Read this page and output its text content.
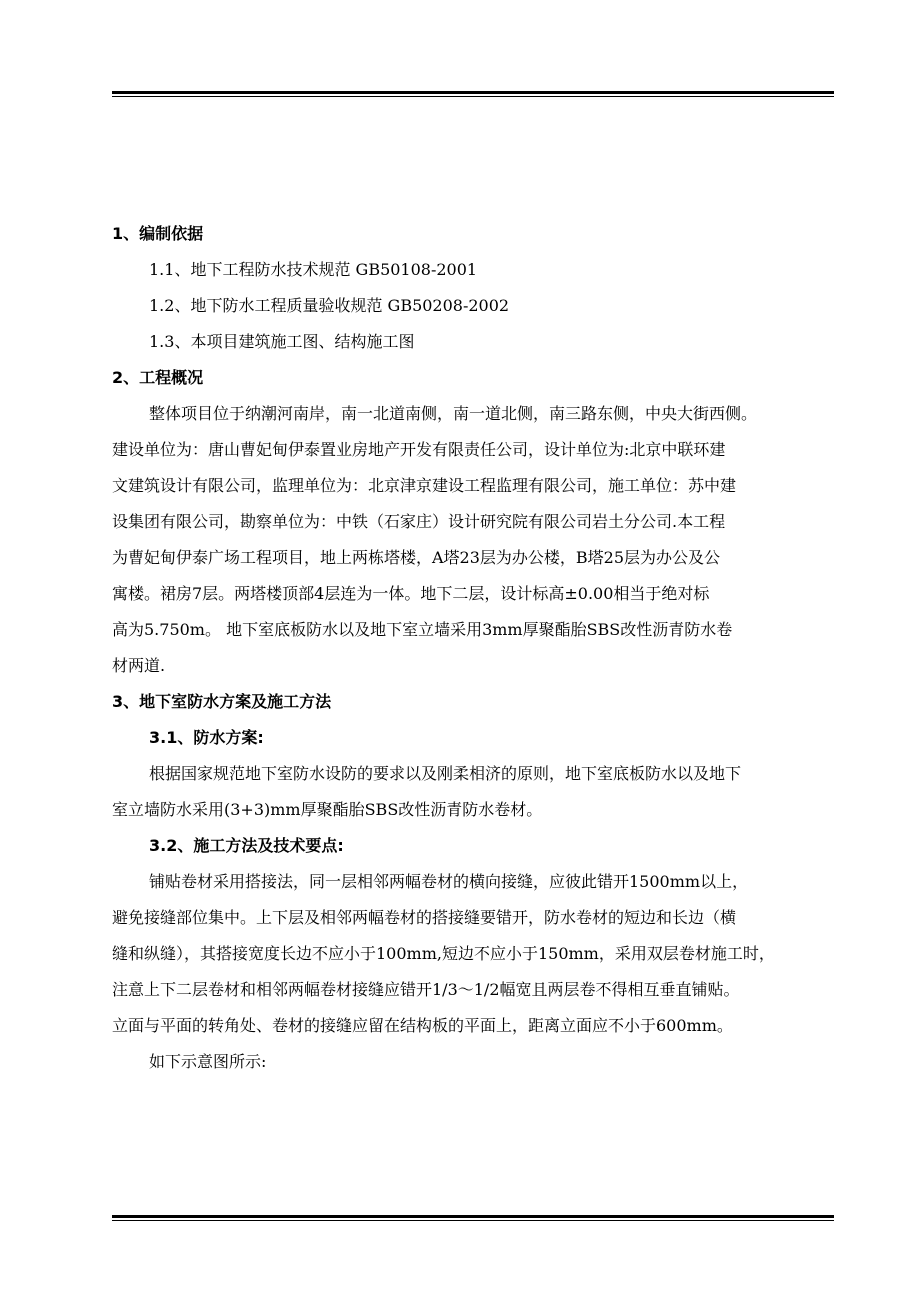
1、编制依据
1.1、地下工程防水技术规范 GB50108-2001
1.2、地下防水工程质量验收规范 GB50208-2002
1.3、本项目建筑施工图、结构施工图
2、工程概况
整体项目位于纳潮河南岸，南一北道南侧，南一道北侧，南三路东侧，中央大街西侧。
建设单位为：唐山曹妃甸伊泰置业房地产开发有限责任公司，设计单位为:北京中联环建
文建筑设计有限公司，监理单位为：北京津京建设工程监理有限公司，施工单位：苏中建
设集团有限公司，勘察单位为：中铁（石家庄）设计研究院有限公司岩土分公司.本工程
为曹妃甸伊泰广场工程项目，地上两栋塔楼，A塔23层为办公楼，B塔25层为办公及公
寓楼。裙房7层。两塔楼顶部4层连为一体。地下二层，设计标高±0.00相当于绝对标
高为5.750m。 地下室底板防水以及地下室立墙采用3mm厚聚酯胎SBS改性沥青防水卷
材两道.
3、地下室防水方案及施工方法
3.1、防水方案:
根据国家规范地下室防水设防的要求以及刚柔相济的原则，地下室底板防水以及地下
室立墙防水采用(3+3)mm厚聚酯胎SBS改性沥青防水卷材。
3.2、施工方法及技术要点:
铺贴卷材采用搭接法，同一层相邻两幅卷材的横向接缝，应彼此错开1500mm以上，
避免接缝部位集中。上下层及相邻两幅卷材的搭接缝要错开，防水卷材的短边和长边（横
缝和纵缝），其搭接宽度长边不应小于100mm,短边不应小于150mm，采用双层卷材施工时，
注意上下二层卷材和相邻两幅卷材接缝应错开1/3～1/2幅宽且两层卷不得相互垂直铺贴。
立面与平面的转角处、卷材的接缝应留在结构板的平面上，距离立面应不小于600mm。
如下示意图所示:
